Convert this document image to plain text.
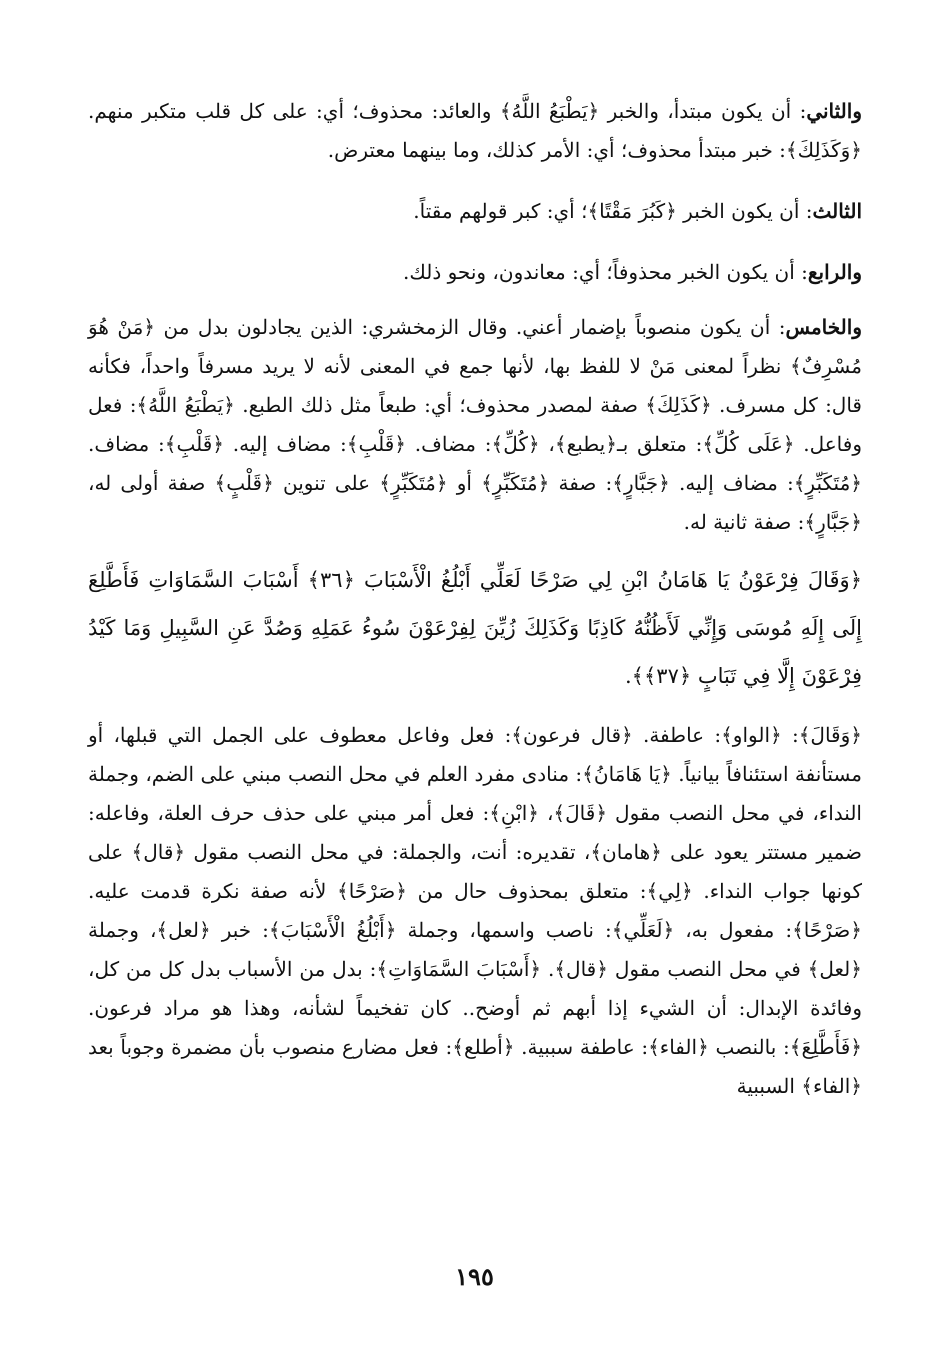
والثاني: أن يكون مبتدأ، والخبر ﴿يَطْبَعُ اللَّهُ﴾ والعائد: محذوف؛ أي: على كل قلب متكبر منهم. ﴿وَكَذَلِكَ﴾: خبر مبتدأ محذوف؛ أي: الأمر كذلك، وما بينهما معترض.

الثالث: أن يكون الخبر ﴿كَبُرَ مَقْتًا﴾؛ أي: كبر قولهم مقتاً.

والرابع: أن يكون الخبر محذوفاً؛ أي: معاندون، ونحو ذلك.

والخامس: أن يكون منصوباً بإضمار أعني. وقال الزمخشري: الذين يجادلون بدل من ﴿مَنْ هُوَ مُسْرِفٌ﴾ نظراً لمعنى مَنْ لا للفظ بها، لأنها جمع في المعنى لأنه لا يريد مسرفاً واحداً، فكأنه قال: كل مسرف. ﴿كَذَلِكَ﴾ صفة لمصدر محذوف؛ أي: طبعاً مثل ذلك الطبع. ﴿يَطْبَعُ اللَّهُ﴾: فعل وفاعل. ﴿عَلَى كُلِّ﴾: متعلق بـ﴿يطبع﴾، ﴿كُلِّ﴾: مضاف. ﴿قَلْبِ﴾: مضاف إليه. ﴿قَلْبِ﴾: مضاف. ﴿مُتَكَبِّرٍ﴾: مضاف إليه. ﴿جَبَّارٍ﴾: صفة ﴿مُتَكَبِّرٍ﴾ أو ﴿مُتَكَبِّرٍ﴾ على تنوين ﴿قَلْبٍ﴾ صفة أولى له، ﴿جَبَّارٍ﴾: صفة ثانية له.

﴿وَقَالَ فِرْعَوْنُ يَا هَامَانُ ابْنِ لِي صَرْحًا لَعَلِّي أَبْلُغُ الْأَسْبَابَ ﴿٣٦﴾ أَسْبَابَ السَّمَاوَاتِ فَأَطَّلِعَ إِلَى إِلَهِ مُوسَى وَإِنِّي لَأَظُنُّهُ كَاذِبًا وَكَذَلِكَ زُيِّنَ لِفِرْعَوْنَ سُوءُ عَمَلِهِ وَصُدَّ عَنِ السَّبِيلِ وَمَا كَيْدُ فِرْعَوْنَ إِلَّا فِي تَبَابٍ ﴿٣٧﴾﴾.

﴿وَقَالَ﴾: ﴿الواو﴾: عاطفة. ﴿قال فرعون﴾: فعل وفاعل معطوف على الجمل التي قبلها، أو مستأنفة استئنافاً بيانياً. ﴿يَا هَامَانُ﴾: منادى مفرد العلم في محل النصب مبني على الضم، وجملة النداء، في محل النصب مقول ﴿قَالَ﴾، ﴿ابْنِ﴾: فعل أمر مبني على حذف حرف العلة، وفاعله: ضمير مستتر يعود على ﴿هامان﴾، تقديره: أنت، والجملة: في محل النصب مقول ﴿قال﴾ على كونها جواب النداء. ﴿لِي﴾: متعلق بمحذوف حال من ﴿صَرْحًا﴾ لأنه صفة نكرة قدمت عليه. ﴿صَرْحًا﴾: مفعول به، ﴿لَعَلِّي﴾: ناصب واسمها، وجملة ﴿أَبْلُغُ الْأَسْبَابَ﴾: خبر ﴿لعل﴾، وجملة ﴿لعل﴾ في محل النصب مقول ﴿قال﴾. ﴿أَسْبَابَ السَّمَاوَاتِ﴾: بدل من الأسباب بدل كل من كل، وفائدة الإبدال: أن الشيء إذا أبهم ثم أوضح.. كان تفخيماً لشأنه، وهذا هو مراد فرعون. ﴿فَأَطَّلِعَ﴾: بالنصب ﴿الفاء﴾: عاطفة سببية. ﴿أطلع﴾: فعل مضارع منصوب بأن مضمرة وجوباً بعد ﴿الفاء﴾ السببية

١٩٥
